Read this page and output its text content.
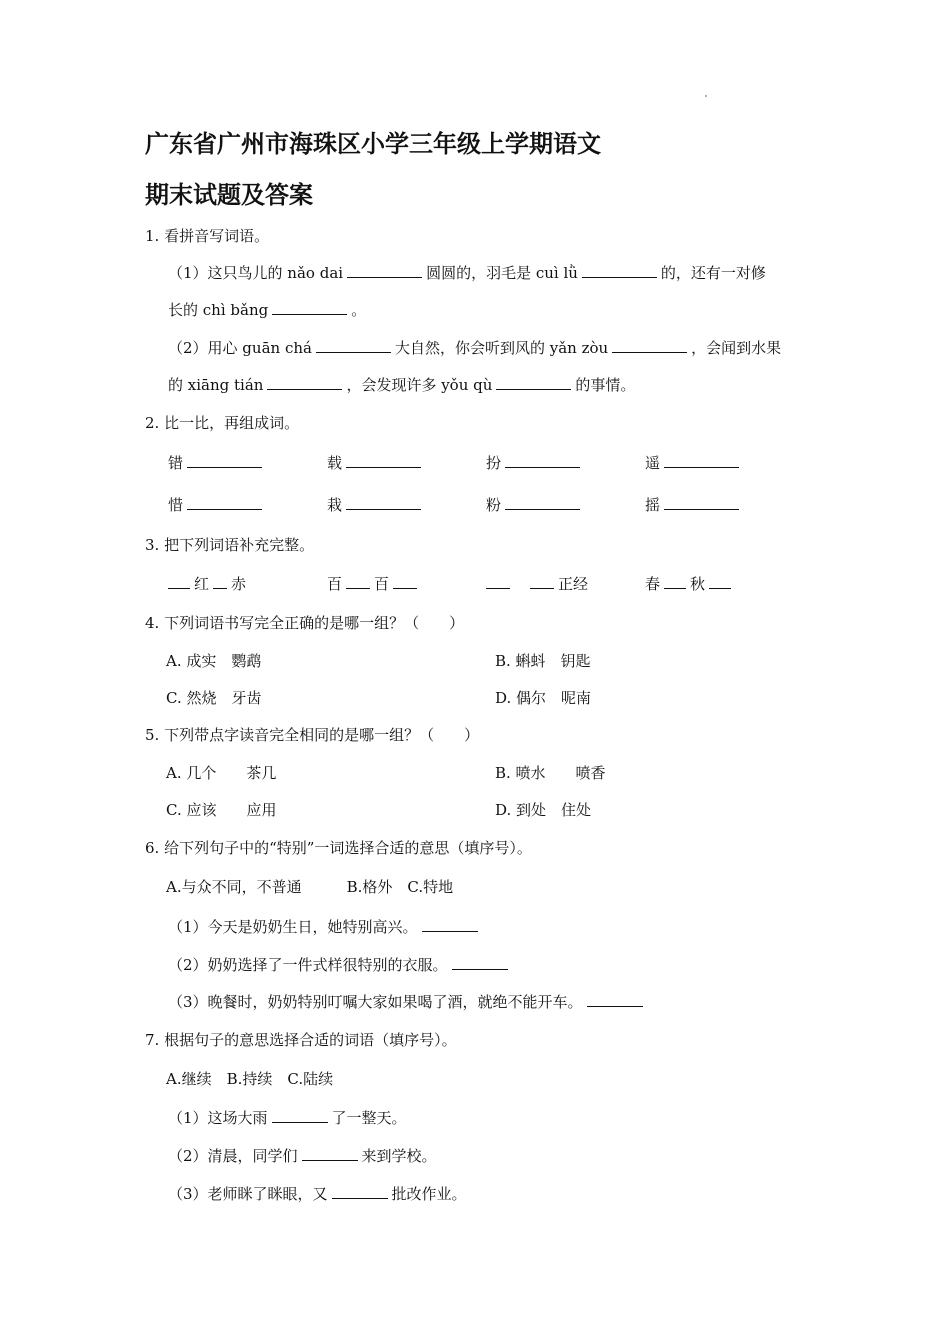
广东省广州市海珠区小学三年级上学期语文
期末试题及答案
1. 看拼音写词语。
（1）这只鸟儿的 nǎo dai	圆圆的，羽毛是 cuì lǜ	的，还有一对修
长的 chì bǎng	。
（2）用心 guān chá	大自然，你会听到风的 yǎn zòu	，会闻到水果
的 xiāng tián	，会发现许多 yǒu qù	的事情。
2. 比一比，再组成词。
错	载	扮	遥
惜	栽	粉	摇
3. 把下列词语补充完整。
红 赤	百 百	正经	春 秋
4. 下列词语书写完全正确的是哪一组？（　　）
A. 成实　鹦鹉	B. 蝌蚪　钥匙
C. 然烧　牙齿	D. 偶尔　呢南
5. 下列带点字读音完全相同的是哪一组？（　　）
A. 几个　　茶几	B. 喷水　　喷香
C. 应该　　应用	D. 到处　住处
6. 给下列句子中的“特别”一词选择合适的意思（填序号）。
A.与众不同，不普通　　　B.格外　C.特地
（1）今天是奶奶生日，她特别高兴。
（2）奶奶选择了一件式样很特别的衣服。
（3）晚餐时，奶奶特别叮嘱大家如果喝了酒，就绝不能开车。
7. 根据句子的意思选择合适的词语（填序号）。
A.继续　B.持续　C.陆续
（1）这场大雨	了一整天。
（2）清晨，同学们	来到学校。
（3）老师眯了眯眼，又	批改作业。
